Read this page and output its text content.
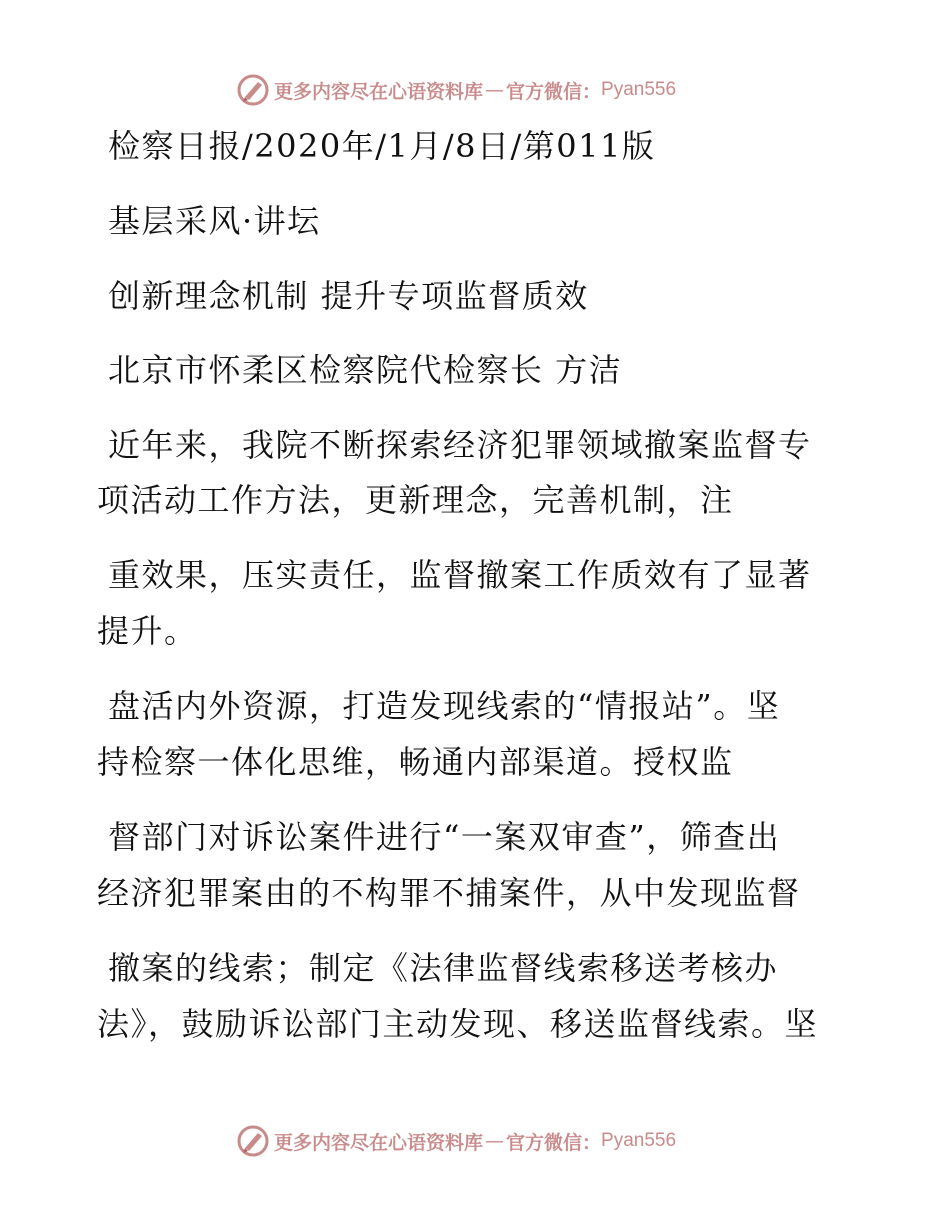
更多内容尽在心语资料库 — 官方微信： Pyan556
检察日报/2020年/1月/8日/第011版
基层采风·讲坛
创新理念机制 提升专项监督质效
北京市怀柔区检察院代检察长 方洁
近年来，我院不断探索经济犯罪领域撤案监督专
项活动工作方法，更新理念，完善机制，注
重效果，压实责任，监督撤案工作质效有了显著
提升。
盘活内外资源，打造发现线索的“情报站”。坚
持检察一体化思维，畅通内部渠道。授权监
督部门对诉讼案件进行“一案双审查”，筛查出
经济犯罪案由的不构罪不捕案件，从中发现监督
撤案的线索；制定《法律监督线索移送考核办
法》，鼓励诉讼部门主动发现、移送监督线索。坚
更多内容尽在心语资料库 — 官方微信： Pyan556
